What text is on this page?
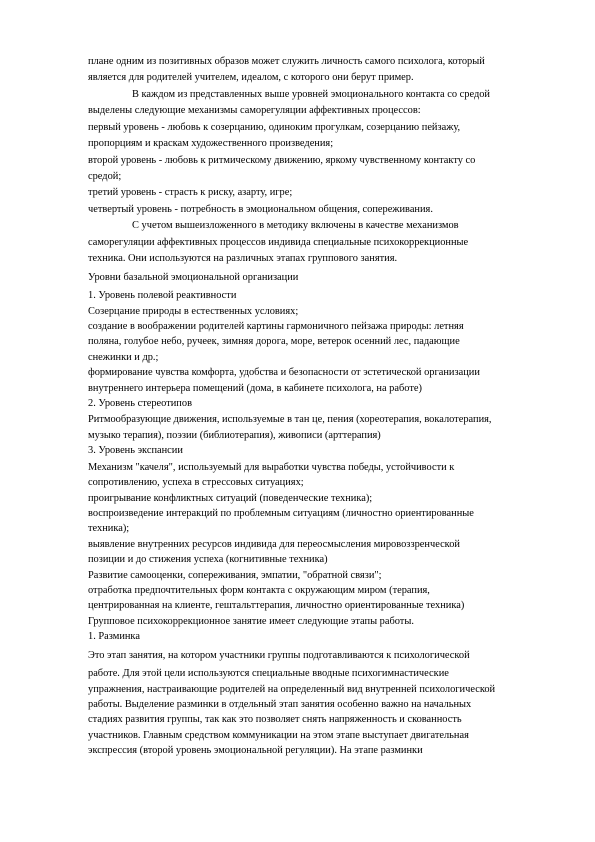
плане одним из позитивных образов может служить личность самого психолога, который
является для родителей учителем, идеалом, с которого они берут пример.
В каждом из представленных выше уровней эмоционального контакта со средой
выделены следующие механизмы саморегуляции аффективных процессов:
первый уровень - любовь к созерцанию, одиноким прогулкам, созерцанию пейзажу,
пропорциям и краскам художественного произведения;
второй уровень - любовь к ритмическому движению, яркому чувственному контакту со
средой;
третий уровень - страсть к риску, азарту, игре;
четвертый уровень - потребность в эмоциональном общения, сопереживания.
С учетом вышеизложенного в методику включены в качестве механизмов
саморегуляции аффективных процессов индивида специальные психокоррекционные
техника. Они используются на различных этапах группового занятия.
Уровни базальной эмоциональной организации
1. Уровень полевой реактивности
Созерцание природы в естественных условиях;
создание в воображении родителей картины гармоничного пейзажа природы: летняя
поляна, голубое небо, ручеек, зимняя дорога, море, ветерок осенний лес, падающие
снежинки и др.;
формирование чувства комфорта, удобства и безопасности от эстетической организации
внутреннего интерьера помещений (дома, в кабинете психолога, на работе)
2. Уровень стереотипов
Ритмообразующие движения, используемые в тан це, пения (хореотерапия, вокалотерапия,
музыко терапия), поэзии (библиотерапия), живописи (арттерапия)
3. Уровень экспансии
Механизм "качеля", используемый для выработки чувства победы, устойчивости к
сопротивлению, успеха в стрессовых ситуациях;
проигрывание конфликтных ситуаций (поведенческие техника);
воспроизведение интеракций по проблемным ситуациям (личностно ориентированные
техника);
выявление внутренних ресурсов индивида для переосмысления мировоззренческой
позиции и до стижения успеха (когнитивные техника)
Развитие самооценки, сопереживания, эмпатии, "обратной связи";
отработка предпочтительных форм контакта с окружающим миром (терапия,
центрированная на клиенте, гештальттерапия, личностно ориентированные техника)
Групповое психокоррекционное занятие имеет следующие этапы работы.
1. Разминка
Это этап занятия, на котором участники группы подготавливаются к психологической
работе. Для этой цели используются специальные вводные психогимнастические
упражнения, настраивающие родителей на определенный вид внутренней психологической
работы. Выделение разминки в отдельный этап занятия особенно важно на начальных
стадиях развития группы, так как это позволяет снять напряженность и скованность
участников. Главным средством коммуникации на этом этапе выступает двигательная
экспрессия (второй уровень эмоциональной регуляции). На этапе разминки
